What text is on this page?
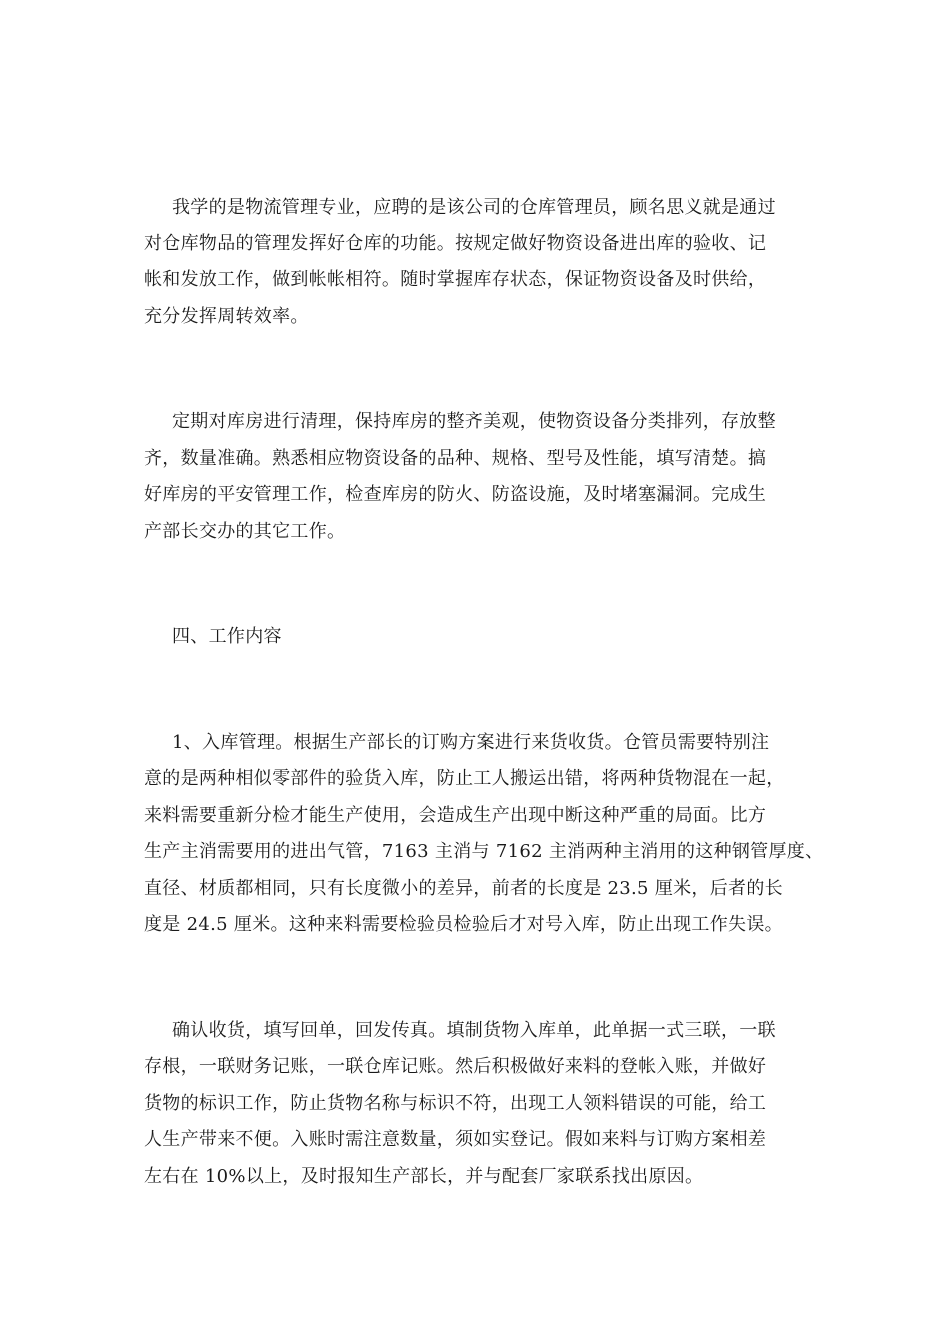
我学的是物流管理专业，应聘的是该公司的仓库管理员，顾名思义就是通过
对仓库物品的管理发挥好仓库的功能。按规定做好物资设备进出库的验收、记
帐和发放工作，做到帐帐相符。随时掌握库存状态，保证物资设备及时供给，
充分发挥周转效率。
定期对库房进行清理，保持库房的整齐美观，使物资设备分类排列，存放整
齐，数量准确。熟悉相应物资设备的品种、规格、型号及性能，填写清楚。搞
好库房的平安管理工作，检查库房的防火、防盗设施，及时堵塞漏洞。完成生
产部长交办的其它工作。
四、工作内容
1、入库管理。根据生产部长的订购方案进行来货收货。仓管员需要特别注
意的是两种相似零部件的验货入库，防止工人搬运出错，将两种货物混在一起，
来料需要重新分检才能生产使用，会造成生产出现中断这种严重的局面。比方
生产主消需要用的进出气管，7163 主消与 7162 主消两种主消用的这种钢管厚度、
直径、材质都相同，只有长度微小的差异，前者的长度是 23.5 厘米，后者的长
度是 24.5 厘米。这种来料需要检验员检验后才对号入库，防止出现工作失误。
确认收货，填写回单，回发传真。填制货物入库单，此单据一式三联，一联
存根，一联财务记账，一联仓库记账。然后积极做好来料的登帐入账，并做好
货物的标识工作，防止货物名称与标识不符，出现工人领料错误的可能，给工
人生产带来不便。入账时需注意数量，须如实登记。假如来料与订购方案相差
左右在 10%以上，及时报知生产部长，并与配套厂家联系找出原因。
